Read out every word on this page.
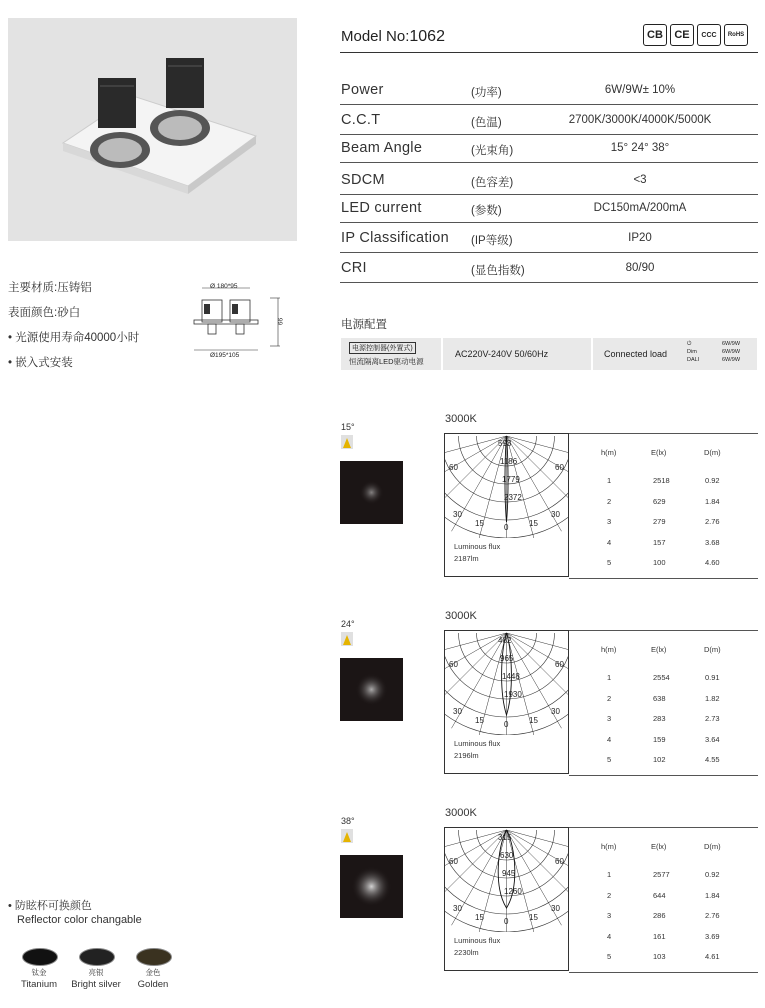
Model No:1062	CB	CE	CCC	RoHS
Power	(功率)	6W/9W± 10%
C.C.T	(色温)	2700K/3000K/4000K/5000K
Beam Angle	(光束角)	15° 24° 38°
SDCM	(色容差)	<3
LED current	(参数)	DC150mA/200mA
IP Classification (IP等级)	IP20
CRI	(显色指数)	80/90
主要材质:压铸铝
表面颜色:砂白
• 光源使用寿命40000小时
• 嵌入式安装
Ø 180*95
Ø195*105
99	电源配置
电源控制器(外置式)
恒流隔离LED驱动电源
AC220V-240V 50/60Hz	Connected load
⏻
Dim
DALI
6W/9W
6W/9W
6W/9W
15°
3000K
60	60
30	30
15	15
0
593
1186
1779
2372
Luminous flux
2187lm
h(m)	E(lx)	D(m)
1	2518	0.92
2	629	1.84
3	279	2.76
4	157	3.68
5	100	4.60
24°
3000K
60	60
30	30
15	15
0
482
965
1448
1930
Luminous flux
2196lm
h(m)	E(lx)	D(m)
1	2554	0.91
2	638	1.82
3	283	2.73
4	159	3.64
5	102	4.55
38°
3000K
60	60
30	30
15	15
0
315
630
945
1260
Luminous flux
2230lm
h(m)	E(lx)	D(m)
1	2577	0.92
2	644	1.84
3	286	2.76
4	161	3.69
5	103	4.61
• 防眩杯可换颜色
Reflector color changable
钛金
Titanium
亮银
Bright silver
金色
Golden
